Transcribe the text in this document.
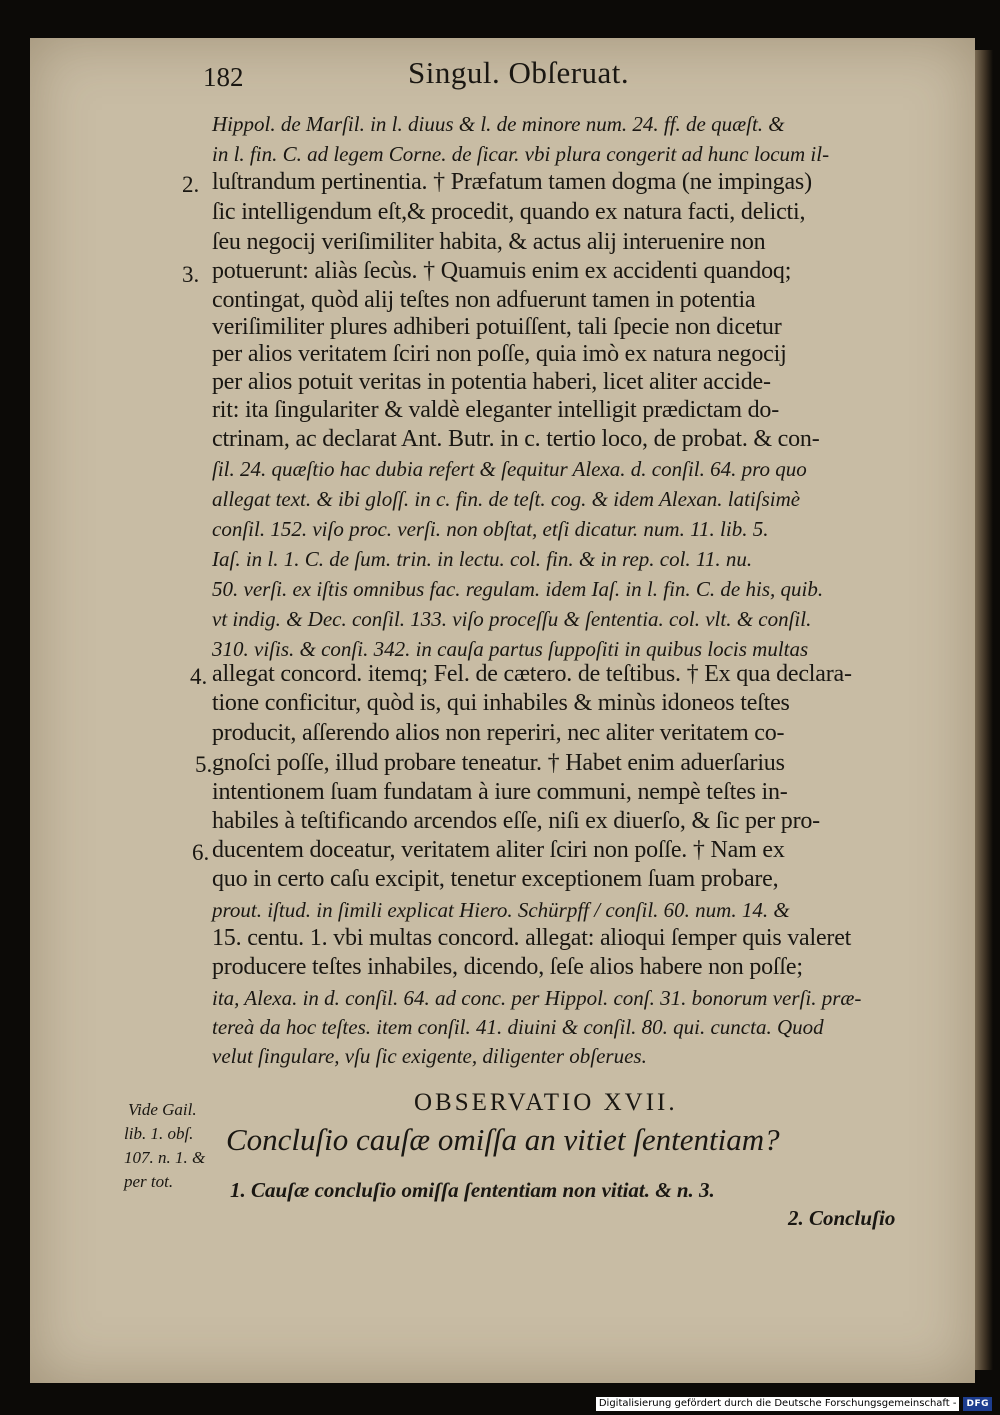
182	Singul. Obſeruat.
Hippol. de Marſil. in l. diuus & l. de minore num. 24. ff. de quæſt. &
in l. fin. C. ad legem Corne. de ſicar. vbi plura congerit ad hunc locum il-
luſtrandum pertinentia. † Præfatum tamen dogma (ne impingas)
ſic intelligendum eſt,& procedit, quando ex natura facti, delicti,
ſeu negocij veriſimiliter habita, & actus alij interuenire non
potuerunt: aliàs ſecùs. † Quamuis enim ex accidenti quandoq;
contingat, quòd alij teſtes non adfuerunt tamen in potentia
veriſimiliter plures adhiberi potuiſſent, tali ſpecie non dicetur
per alios veritatem ſciri non poſſe, quia imò ex natura negocij
per alios potuit veritas in potentia haberi, licet aliter accide-
rit: ita ſingulariter & valdè eleganter intelligit prædictam do-
ctrinam, ac declarat Ant. Butr. in c. tertio loco, de probat. & con-
ſil. 24. quæſtio hac dubia refert & ſequitur Alexa. d. conſil. 64. pro quo
allegat text. & ibi gloſſ. in c. fin. de teſt. cog. & idem Alexan. latiſsimè
conſil. 152. viſo proc. verſi. non obſtat, etſi dicatur. num. 11. lib. 5.
Iaſ. in l. 1. C. de ſum. trin. in lectu. col. fin. & in rep. col. 11. nu.
50. verſi. ex iſtis omnibus fac. regulam. idem Iaſ. in l. fin. C. de his, quib.
vt indig. & Dec. conſil. 133. viſo proceſſu & ſententia. col. vlt. & conſil.
310. viſis. & conſi. 342. in cauſa partus ſuppoſiti in quibus locis multas
allegat concord. itemq; Fel. de cætero. de teſtibus. † Ex qua declara-
tione conficitur, quòd is, qui inhabiles & minùs idoneos teſtes
producit, aſſerendo alios non reperiri, nec aliter veritatem co-
gnoſci poſſe, illud probare teneatur. † Habet enim aduerſarius
intentionem ſuam fundatam à iure communi, nempè teſtes in-
habiles à teſtificando arcendos eſſe, niſi ex diuerſo, & ſic per pro-
ducentem doceatur, veritatem aliter ſciri non poſſe. † Nam ex
quo in certo caſu excipit, tenetur exceptionem ſuam probare,
prout. iſtud. in ſimili explicat Hiero. Schürpff / conſil. 60. num. 14. &
15. centu. 1. vbi multas concord. allegat: alioqui ſemper quis valeret
producere teſtes inhabiles, dicendo, ſeſe alios habere non poſſe;
ita, Alexa. in d. conſil. 64. ad conc. per Hippol. conſ. 31. bonorum verſi. præ-
tereà da hoc teſtes. item conſil. 41. diuini & conſil. 80. qui. cuncta. Quod
velut ſingulare, vſu ſic exigente, diligenter obſerues.
2.
3.
4.
5.
6.
Vide Gail.
lib. 1. obſ.
107. n. 1. &
per tot.
OBSERVATIO XVII.
Concluſio cauſæ omiſſa an vitiet ſententiam?
1. Cauſæ concluſio omiſſa ſententiam non vitiat. & n. 3.
2. Concluſio
Digitalisierung gefördert durch die Deutsche Forschungsgemeinschaft -	DFG
